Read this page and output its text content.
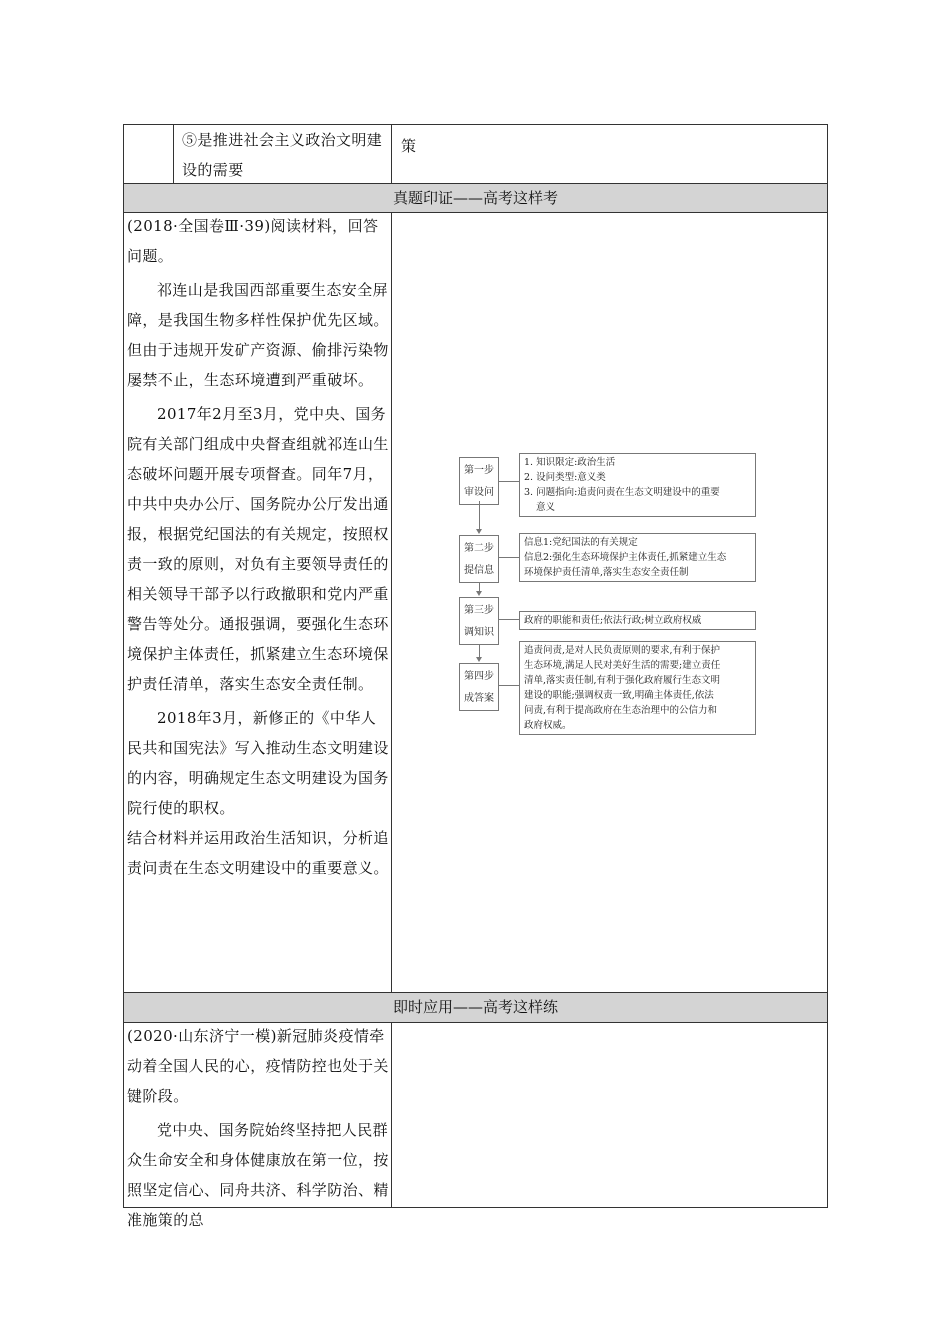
⑤是推进社会主义政治文明建设的需要

策

真题印证——高考这样考

(2018·全国卷Ⅲ·39)阅读材料，回答问题。

祁连山是我国西部重要生态安全屏障，是我国生物多样性保护优先区域。但由于违规开发矿产资源、偷排污染物屡禁不止，生态环境遭到严重破坏。

2017年2月至3月，党中央、国务院有关部门组成中央督查组就祁连山生态破坏问题开展专项督查。同年7月，中共中央办公厅、国务院办公厅发出通报，根据党纪国法的有关规定，按照权责一致的原则，对负有主要领导责任的相关领导干部予以行政撤职和党内严重警告等处分。通报强调，要强化生态环境保护主体责任，抓紧建立生态环境保护责任清单，落实生态安全责任制。

2018年3月，新修正的《中华人民共和国宪法》写入推动生态文明建设的内容，明确规定生态文明建设为国务院行使的职权。

结合材料并运用政治生活知识，分析追责问责在生态文明建设中的重要意义。

即时应用——高考这样练

(2020·山东济宁一模)新冠肺炎疫情牵动着全国人民的心，疫情防控也处于关键阶段。

党中央、国务院始终坚持把人民群众生命安全和身体健康放在第一位，按照坚定信心、同舟共济、科学防治、精准施策的总

第一步
审设问
1. 知识限定:政治生活
2. 设问类型:意义类
3. 问题指向:追责问责在生态文明建设中的重要
意义
第二步
提信息
信息1:党纪国法的有关规定
信息2:强化生态环境保护主体责任,抓紧建立生态
环境保护责任清单,落实生态安全责任制
第三步
调知识
政府的职能和责任;依法行政;树立政府权威
第四步
成答案
追责问责,是对人民负责原则的要求,有利于保护
生态环境,满足人民对美好生活的需要;建立责任
清单,落实责任制,有利于强化政府履行生态文明
建设的职能;强调权责一致,明确主体责任,依法
问责,有利于提高政府在生态治理中的公信力和
政府权威。
